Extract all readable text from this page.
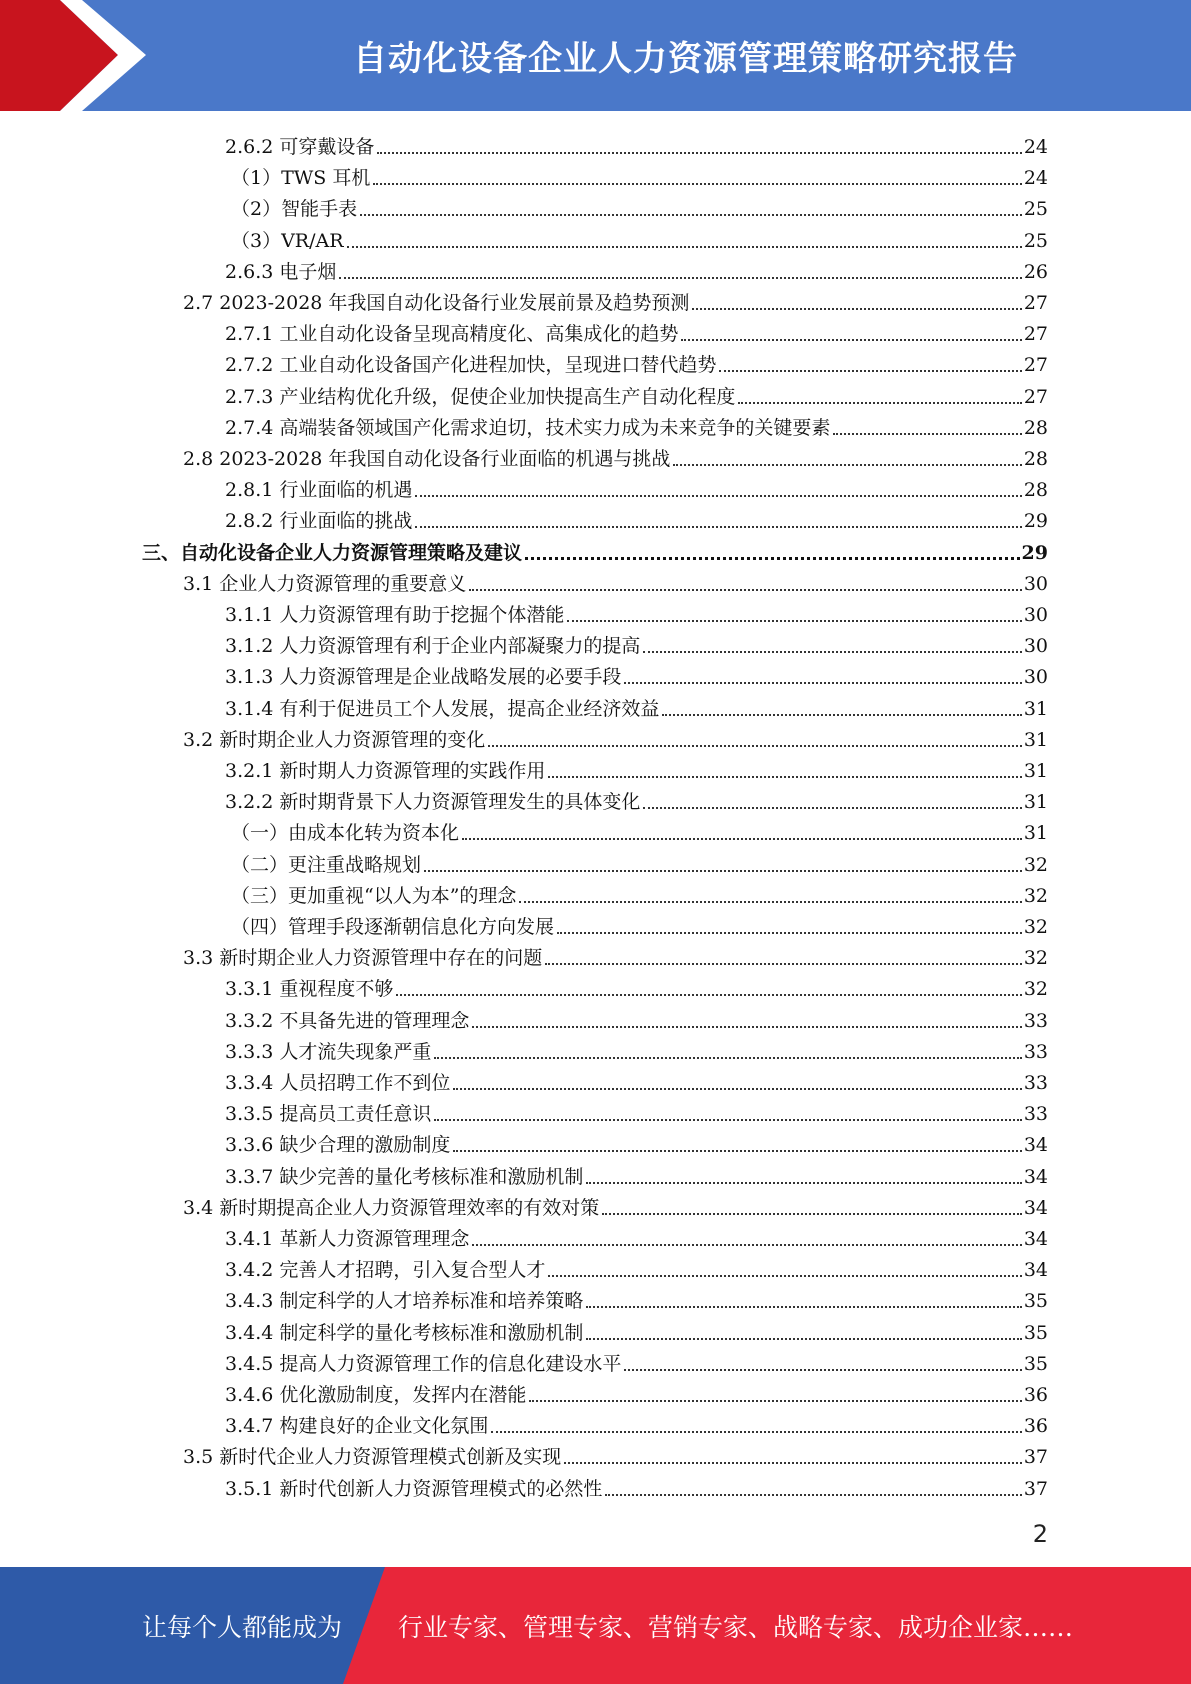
自动化设备企业人力资源管理策略研究报告
2.6.2 可穿戴设备	24
（1）TWS 耳机	24
（2）智能手表	25
（3）VR/AR	25
2.6.3 电子烟	26
2.7 2023-2028 年我国自动化设备行业发展前景及趋势预测	27
2.7.1 工业自动化设备呈现高精度化、高集成化的趋势	27
2.7.2 工业自动化设备国产化进程加快，呈现进口替代趋势	27
2.7.3 产业结构优化升级，促使企业加快提高生产自动化程度	27
2.7.4 高端装备领域国产化需求迫切，技术实力成为未来竞争的关键要素	28
2.8 2023-2028 年我国自动化设备行业面临的机遇与挑战	28
2.8.1 行业面临的机遇	28
2.8.2 行业面临的挑战	29
三、自动化设备企业人力资源管理策略及建议	29
3.1 企业人力资源管理的重要意义	30
3.1.1 人力资源管理有助于挖掘个体潜能	30
3.1.2 人力资源管理有利于企业内部凝聚力的提高	30
3.1.3 人力资源管理是企业战略发展的必要手段	30
3.1.4 有利于促进员工个人发展，提高企业经济效益	31
3.2 新时期企业人力资源管理的变化	31
3.2.1 新时期人力资源管理的实践作用	31
3.2.2 新时期背景下人力资源管理发生的具体变化	31
（一）由成本化转为资本化	31
（二）更注重战略规划	32
（三）更加重视“以人为本”的理念	32
（四）管理手段逐渐朝信息化方向发展	32
3.3 新时期企业人力资源管理中存在的问题	32
3.3.1 重视程度不够	32
3.3.2 不具备先进的管理理念	33
3.3.3 人才流失现象严重	33
3.3.4 人员招聘工作不到位	33
3.3.5 提高员工责任意识	33
3.3.6 缺少合理的激励制度	34
3.3.7 缺少完善的量化考核标准和激励机制	34
3.4 新时期提高企业人力资源管理效率的有效对策	34
3.4.1 革新人力资源管理理念	34
3.4.2 完善人才招聘，引入复合型人才	34
3.4.3 制定科学的人才培养标准和培养策略	35
3.4.4 制定科学的量化考核标准和激励机制	35
3.4.5 提高人力资源管理工作的信息化建设水平	35
3.4.6 优化激励制度，发挥内在潜能	36
3.4.7 构建良好的企业文化氛围	36
3.5 新时代企业人力资源管理模式创新及实现	37
3.5.1 新时代创新人力资源管理模式的必然性	37
2
让每个人都能成为 行业专家、管理专家、营销专家、战略专家、成功企业家……
